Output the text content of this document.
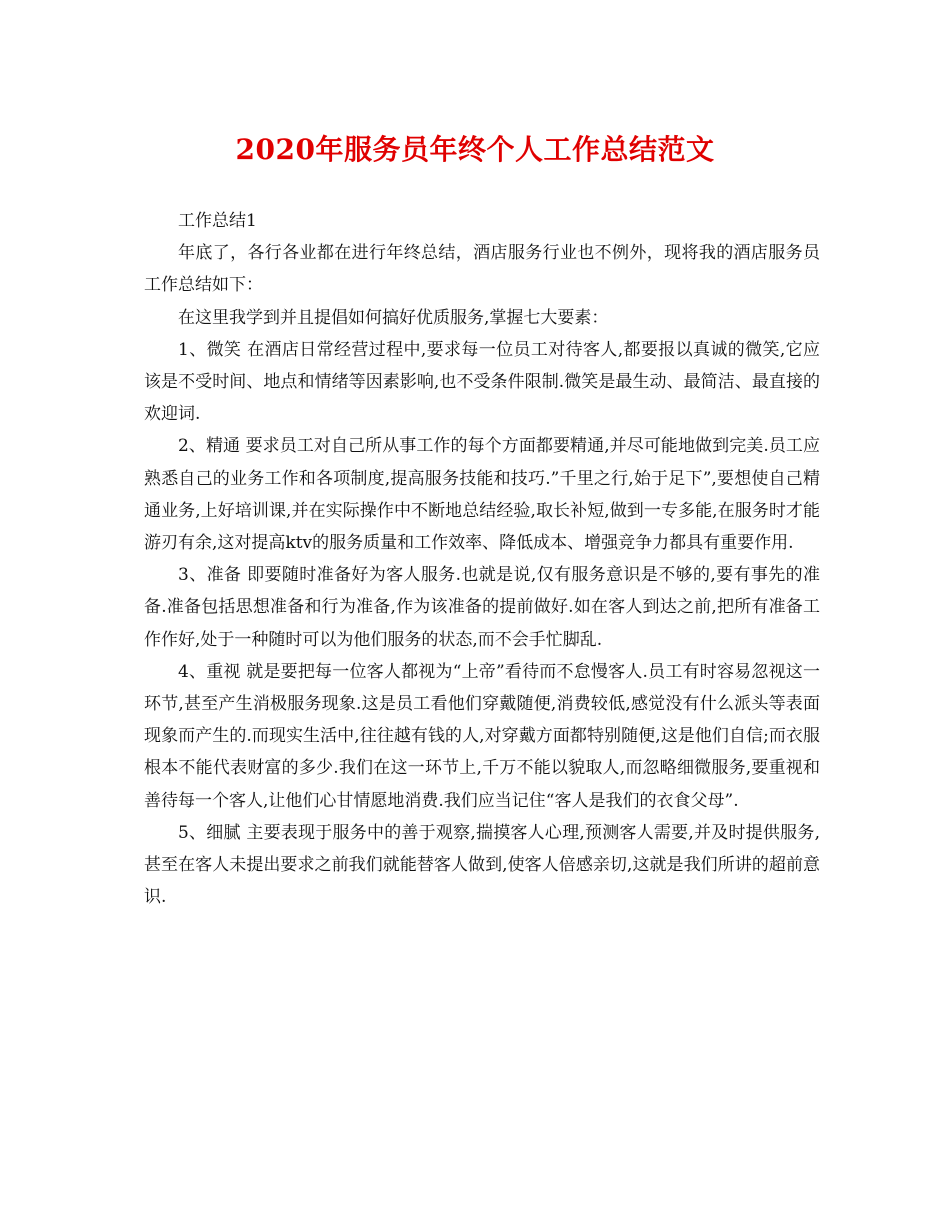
2020年服务员年终个人工作总结范文

工作总结1

年底了，各行各业都在进行年终总结，酒店服务行业也不例外，现将我的酒店服务员工作总结如下：

在这里我学到并且提倡如何搞好优质服务,掌握七大要素：

1、微笑 在酒店日常经营过程中,要求每一位员工对待客人,都要报以真诚的微笑,它应该是不受时间、地点和情绪等因素影响,也不受条件限制.微笑是最生动、最简洁、最直接的欢迎词.

2、精通 要求员工对自己所从事工作的每个方面都要精通,并尽可能地做到完美.员工应熟悉自己的业务工作和各项制度,提高服务技能和技巧.”千里之行,始于足下”,要想使自己精通业务,上好培训课,并在实际操作中不断地总结经验,取长补短,做到一专多能,在服务时才能游刃有余,这对提高ktv的服务质量和工作效率、降低成本、增强竞争力都具有重要作用.

3、准备 即要随时准备好为客人服务.也就是说,仅有服务意识是不够的,要有事先的准备.准备包括思想准备和行为准备,作为该准备的提前做好.如在客人到达之前,把所有准备工作作好,处于一种随时可以为他们服务的状态,而不会手忙脚乱.

4、重视 就是要把每一位客人都视为“上帝”看待而不怠慢客人.员工有时容易忽视这一环节,甚至产生消极服务现象.这是员工看他们穿戴随便,消费较低,感觉没有什么派头等表面现象而产生的.而现实生活中,往往越有钱的人,对穿戴方面都特别随便,这是他们自信;而衣服根本不能代表财富的多少.我们在这一环节上,千万不能以貌取人,而忽略细微服务,要重视和善待每一个客人,让他们心甘情愿地消费.我们应当记住“客人是我们的衣食父母”.

5、细腻 主要表现于服务中的善于观察,揣摸客人心理,预测客人需要,并及时提供服务,甚至在客人未提出要求之前我们就能替客人做到,使客人倍感亲切,这就是我们所讲的超前意识.
